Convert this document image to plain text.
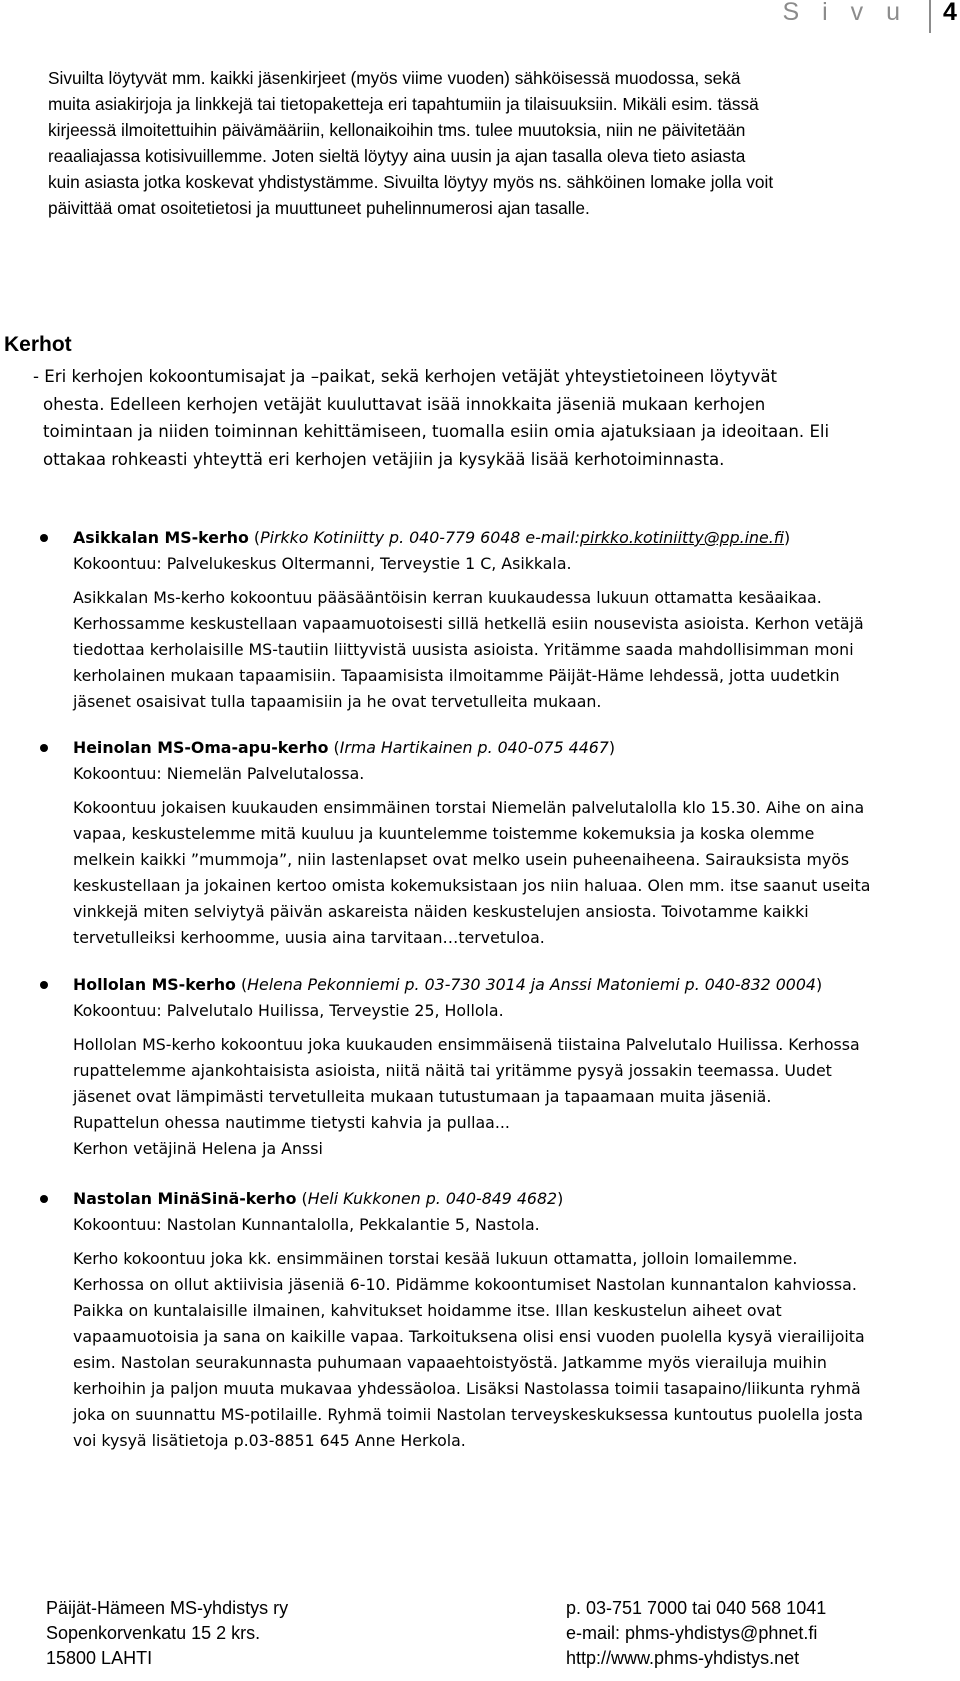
S i v u 4
Sivuilta löytyvät mm. kaikki jäsenkirjeet (myös viime vuoden) sähköisessä muodossa, sekä
muita asiakirjoja ja linkkejä tai tietopaketteja eri tapahtumiin ja tilaisuuksiin. Mikäli esim. tässä
kirjeessä ilmoitettuihin päivämääriin, kellonaikoihin tms. tulee muutoksia, niin ne päivitetään
reaaliajassa kotisivuillemme. Joten sieltä löytyy aina uusin ja ajan tasalla oleva tieto asiasta
kuin asiasta jotka koskevat yhdistystämme. Sivuilta löytyy myös ns. sähköinen lomake jolla voit
päivittää omat osoitetietosi ja muuttuneet puhelinnumerosi ajan tasalle.
Kerhot
- Eri kerhojen kokoontumisajat ja –paikat, sekä kerhojen vetäjät yhteystietoineen löytyvät
ohesta. Edelleen kerhojen vetäjät kuuluttavat isää innokkaita jäseniä mukaan kerhojen
toimintaan ja niiden toiminnan kehittämiseen, tuomalla esiin omia ajatuksiaan ja ideoitaan. Eli
ottakaa rohkeasti yhteyttä eri kerhojen vetäjiin ja kysykää lisää kerhotoiminnasta.
Asikkalan MS-kerho (Pirkko Kotiniitty p. 040-779 6048 e-mail:pirkko.kotiniitty@pp.ine.fi)
Kokoontuu: Palvelukeskus Oltermanni, Terveystie 1 C, Asikkala.
Asikkalan Ms-kerho kokoontuu pääsääntöisin kerran kuukaudessa lukuun ottamatta kesäaikaa.
Kerhossamme keskustellaan vapaamuotoisesti sillä hetkellä esiin nousevista asioista. Kerhon vetäjä
tiedottaa kerholaisille MS-tautiin liittyvistä uusista asioista. Yritämme saada mahdollisimman moni
kerholainen mukaan tapaamisiin. Tapaamisista ilmoitamme Päijät-Häme lehdessä, jotta uudetkin
jäsenet osaisivat tulla tapaamisiin ja he ovat tervetulleita mukaan.
Heinolan MS-Oma-apu-kerho (Irma Hartikainen p. 040-075 4467)
Kokoontuu: Niemelän Palvelutalossa.
Kokoontuu jokaisen kuukauden ensimmäinen torstai Niemelän palvelutalolla klo 15.30. Aihe on aina
vapaa, keskustelemme mitä kuuluu ja kuuntelemme toistemme kokemuksia ja koska olemme
melkein kaikki ”mummoja”, niin lastenlapset ovat melko usein puheenaiheena. Sairauksista myös
keskustellaan ja jokainen kertoo omista kokemuksistaan jos niin haluaa. Olen mm. itse saanut useita
vinkkejä miten selviytyä päivän askareista näiden keskustelujen ansiosta. Toivotamme kaikki
tervetulleiksi kerhoomme, uusia aina tarvitaan…tervetuloa.
Hollolan MS-kerho (Helena Pekonniemi p. 03-730 3014 ja Anssi Matoniemi p. 040-832 0004)
Kokoontuu: Palvelutalo Huilissa, Terveystie 25, Hollola.
Hollolan MS-kerho kokoontuu joka kuukauden ensimmäisenä tiistaina Palvelutalo Huilissa. Kerhossa
rupattelemme ajankohtaisista asioista, niitä näitä tai yritämme pysyä jossakin teemassa. Uudet
jäsenet ovat lämpimästi tervetulleita mukaan tutustumaan ja tapaamaan muita jäseniä.
Rupattelun ohessa nautimme tietysti kahvia ja pullaa...
Kerhon vetäjinä Helena ja Anssi
Nastolan MinäSinä-kerho (Heli Kukkonen p. 040-849 4682)
Kokoontuu: Nastolan Kunnantalolla, Pekkalantie 5, Nastola.
Kerho kokoontuu joka kk. ensimmäinen torstai kesää lukuun ottamatta, jolloin lomailemme.
Kerhossa on ollut aktiivisia jäseniä 6-10. Pidämme kokoontumiset Nastolan kunnantalon kahviossa.
Paikka on kuntalaisille ilmainen, kahvitukset hoidamme itse. Illan keskustelun aiheet ovat
vapaamuotoisia ja sana on kaikille vapaa. Tarkoituksena olisi ensi vuoden puolella kysyä vierailijoita
esim. Nastolan seurakunnasta puhumaan vapaaehtoistyöstä. Jatkamme myös vierailuja muihin
kerhoihin ja paljon muuta mukavaa yhdessäoloa. Lisäksi Nastolassa toimii tasapaino/liikunta ryhmä
joka on suunnattu MS-potilaille. Ryhmä toimii Nastolan terveyskeskuksessa kuntoutus puolella josta
voi kysyä lisätietoja p.03-8851 645 Anne Herkola.
Päijät-Hämeen MS-yhdistys ry
Sopenkorvenkatu 15 2 krs.
15800 LAHTI
p. 03-751 7000 tai 040 568 1041
e-mail: phms-yhdistys@phnet.fi
http://www.phms-yhdistys.net
